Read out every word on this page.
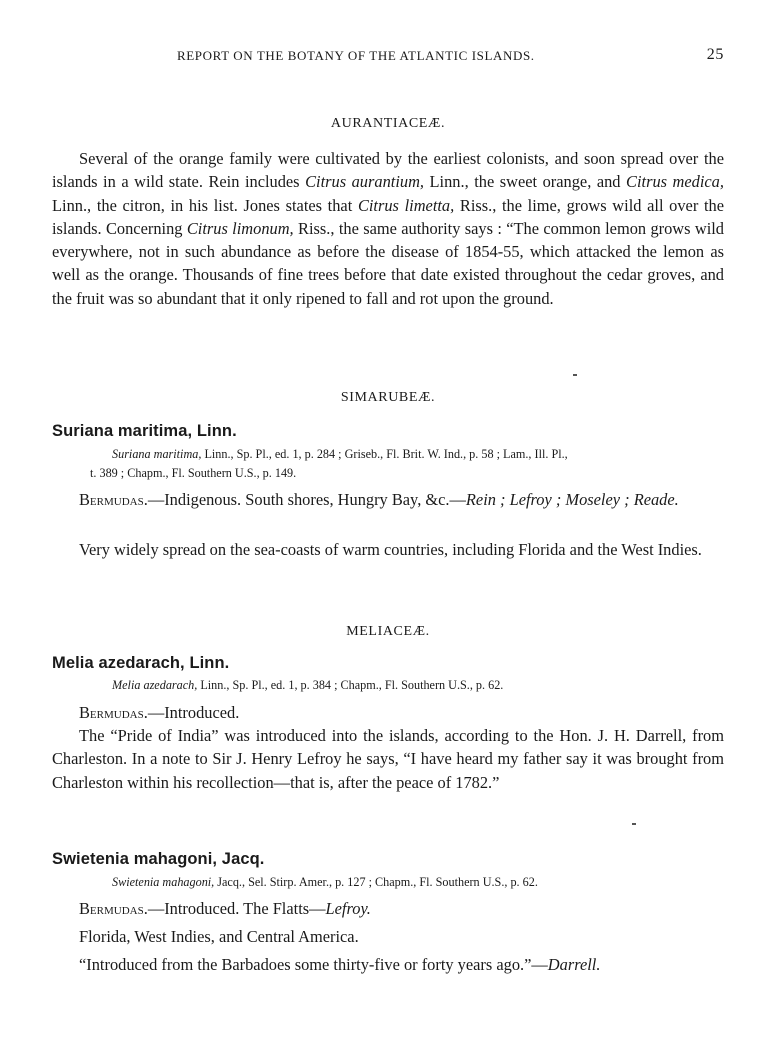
REPORT ON THE BOTANY OF THE ATLANTIC ISLANDS.	25
AURANTIACEÆ.

Several of the orange family were cultivated by the earliest colonists, and soon spread over the islands in a wild state. Rein includes Citrus aurantium, Linn., the sweet orange, and Citrus medica, Linn., the citron, in his list. Jones states that Citrus limetta, Riss., the lime, grows wild all over the islands. Concerning Citrus limonum, Riss., the same authority says : “The common lemon grows wild everywhere, not in such abundance as before the disease of 1854-55, which attacked the lemon as well as the orange. Thousands of fine trees before that date existed throughout the cedar groves, and the fruit was so abundant that it only ripened to fall and rot upon the ground.

SIMARUBEÆ.
Suriana maritima, Linn.

Suriana maritima, Linn., Sp. Pl., ed. 1, p. 284 ; Griseb., Fl. Brit. W. Ind., p. 58 ; Lam., Ill. Pl.,
t. 389 ; Chapm., Fl. Southern U.S., p. 149.

Bermudas.—Indigenous. South shores, Hungry Bay, &c.—Rein ; Lefroy ; Moseley ; Reade.

Very widely spread on the sea-coasts of warm countries, including Florida and the West Indies.

MELIACEÆ.
Melia azedarach, Linn.

Melia azedarach, Linn., Sp. Pl., ed. 1, p. 384 ; Chapm., Fl. Southern U.S., p. 62.

Bermudas.—Introduced.

The “Pride of India” was introduced into the islands, according to the Hon. J. H. Darrell, from Charleston. In a note to Sir J. Henry Lefroy he says, “I have heard my father say it was brought from Charleston within his recollection—that is, after the peace of 1782.”

Swietenia mahagoni, Jacq.

Swietenia mahagoni, Jacq., Sel. Stirp. Amer., p. 127 ; Chapm., Fl. Southern U.S., p. 62.

Bermudas.—Introduced. The Flatts—Lefroy.

Florida, West Indies, and Central America.

“Introduced from the Barbadoes some thirty-five or forty years ago.”—Darrell.
